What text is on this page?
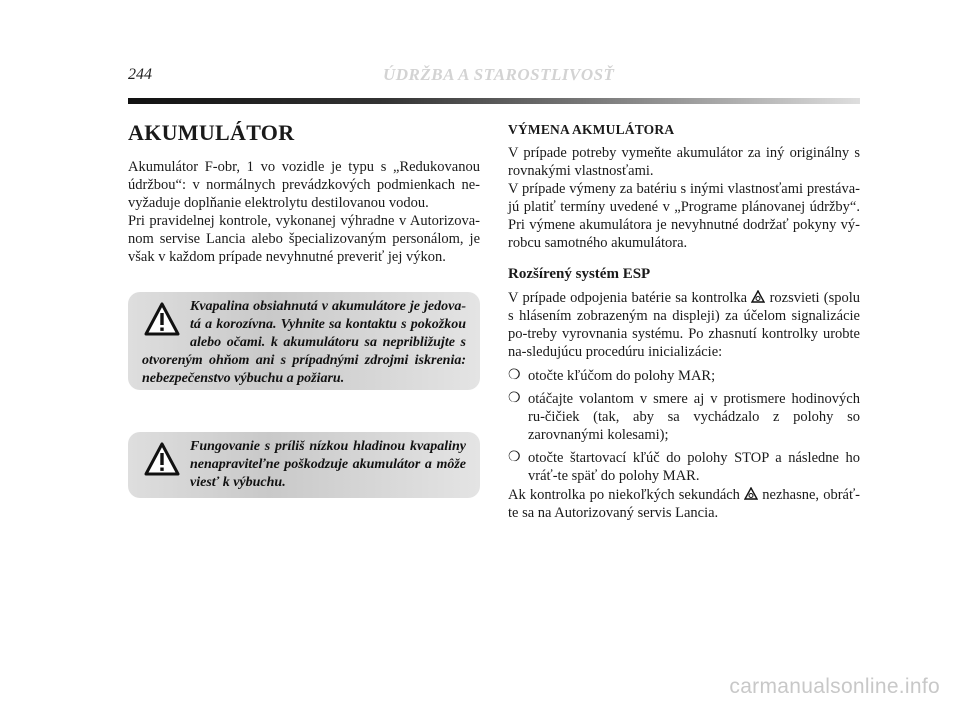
244	ÚDRŽBA A STAROSTLIVOSŤ
AKUMULÁTOR

Akumulátor F-obr, 1 vo vozidle je typu s „Redukovanou údržbou“: v normálnych prevádzkových podmienkach ne-vyžaduje doplňanie elektrolytu destilovanou vodou.

Pri pravidelnej kontrole, vykonanej výhradne v Autorizova-nom servise Lancia alebo špecializovaným personálom, je však v každom prípade nevyhnutné preveriť jej výkon.

Kvapalina obsiahnutá v akumulátore je jedova-tá a korozívna. Vyhnite sa kontaktu s pokožkou alebo očami. k akumulátoru sa nepribližujte s otvoreným ohňom ani s prípadnými zdrojmi iskrenia: nebezpečenstvo výbuchu a požiaru.

Fungovanie s príliš nízkou hladinou kvapaliny nenapraviteľne poškodzuje akumulátor a môže viesť k výbuchu.

VÝMENA AKMULÁTORA

V prípade potreby vymeňte akumulátor za iný originálny s rovnakými vlastnosťami.

V prípade výmeny za batériu s inými vlastnosťami prestáva-jú platiť termíny uvedené v „Programe plánovanej údržby“. Pri výmene akumulátora je nevyhnutné dodržať pokyny vý-robcu samotného akumulátora.

Rozšírený systém ESP

V prípade odpojenia batérie sa kontrolka rozsvieti (spolu s hlásením zobrazeným na displeji) za účelom signalizácie po-treby vyrovnania systému. Po zhasnutí kontrolky urobte na-sledujúcu procedúru inicializácie:

❍ otočte kľúčom do polohy MAR;
❍ otáčajte volantom v smere aj v protismere hodinových ru-čičiek (tak, aby sa vychádzalo z polohy so zarovnanými kolesami);
❍ otočte štartovací kľúč do polohy STOP a následne ho vráť-te späť do polohy MAR.

Ak kontrolka po niekoľkých sekundách nezhasne, obráť-te sa na Autorizovaný servis Lancia.

carmanualsonline.info
